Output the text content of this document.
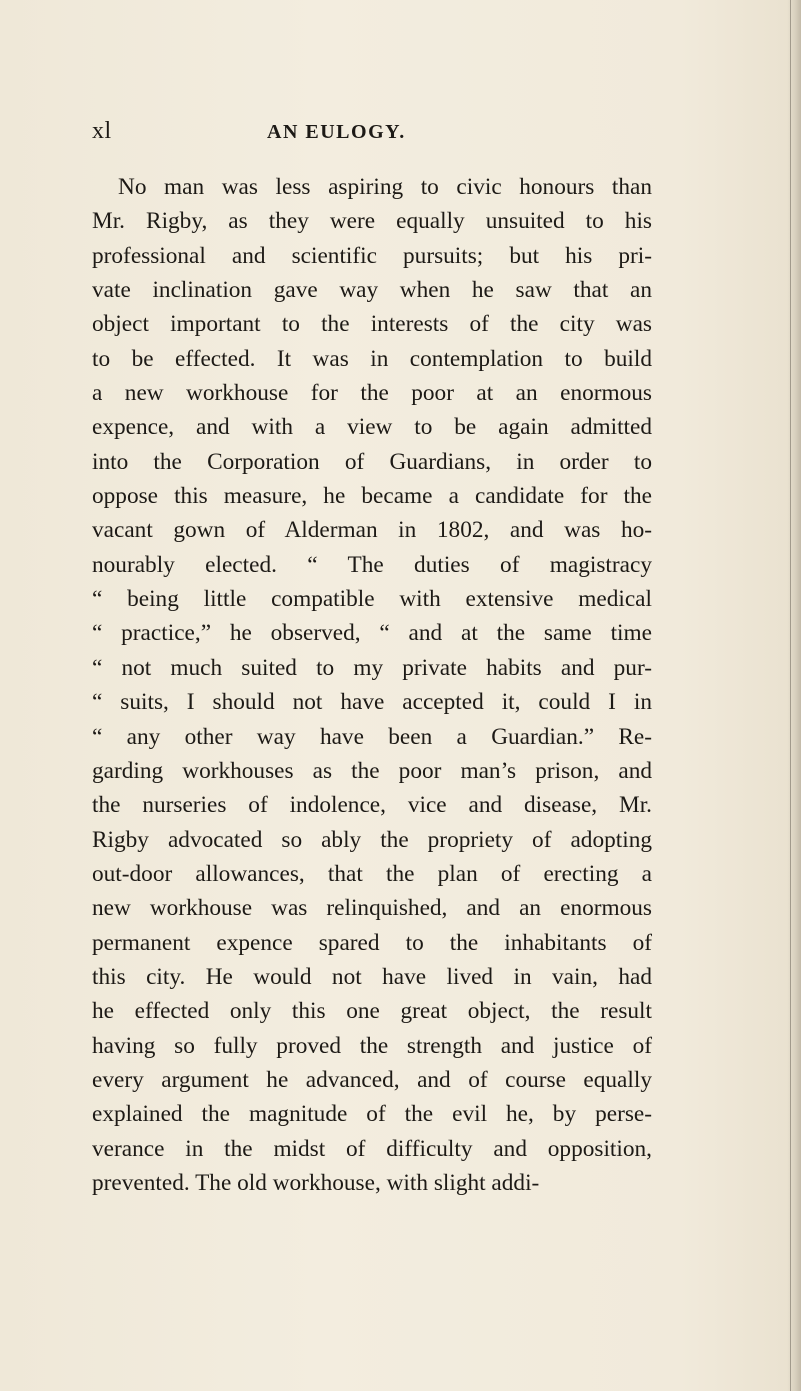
xl	AN EULOGY.
No man was less aspiring to civic honours than
Mr. Rigby, as they were equally unsuited to his
professional and scientific pursuits; but his pri-
vate inclination gave way when he saw that an
object important to the interests of the city was
to be effected. It was in contemplation to build
a new workhouse for the poor at an enormous
expence, and with a view to be again admitted
into the Corporation of Guardians, in order to
oppose this measure, he became a candidate for the
vacant gown of Alderman in 1802, and was ho-
nourably elected. “ The duties of magistracy
“ being little compatible with extensive medical
“ practice,” he observed, “ and at the same time
“ not much suited to my private habits and pur-
“ suits, I should not have accepted it, could I in
“ any other way have been a Guardian.” Re-
garding workhouses as the poor man’s prison, and
the nurseries of indolence, vice and disease, Mr.
Rigby advocated so ably the propriety of adopting
out-door allowances, that the plan of erecting a
new workhouse was relinquished, and an enormous
permanent expence spared to the inhabitants of
this city. He would not have lived in vain, had
he effected only this one great object, the result
having so fully proved the strength and justice of
every argument he advanced, and of course equally
explained the magnitude of the evil he, by perse-
verance in the midst of difficulty and opposition,
prevented. The old workhouse, with slight addi-
